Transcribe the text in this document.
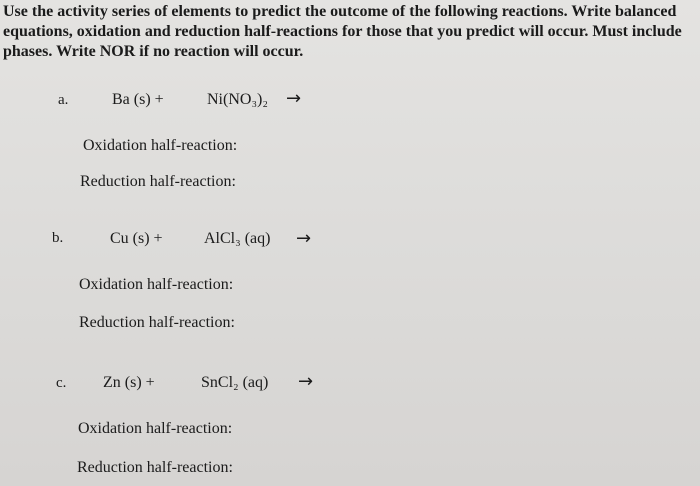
Use the activity series of elements to predict the outcome of the following reactions. Write balanced
equations, oxidation and reduction half-reactions for those that you predict will occur. Must include
phases. Write NOR if no reaction will occur.
a.	Ba (s) +	Ni(NO₃)₂ →
Oxidation half-reaction:
Reduction half-reaction:
b.	Cu (s) +	AlCl₃ (aq) →
Oxidation half-reaction:
Reduction half-reaction:
c. Zn (s) +	SnCl₂ (aq) →
Oxidation half-reaction:
Reduction half-reaction:
